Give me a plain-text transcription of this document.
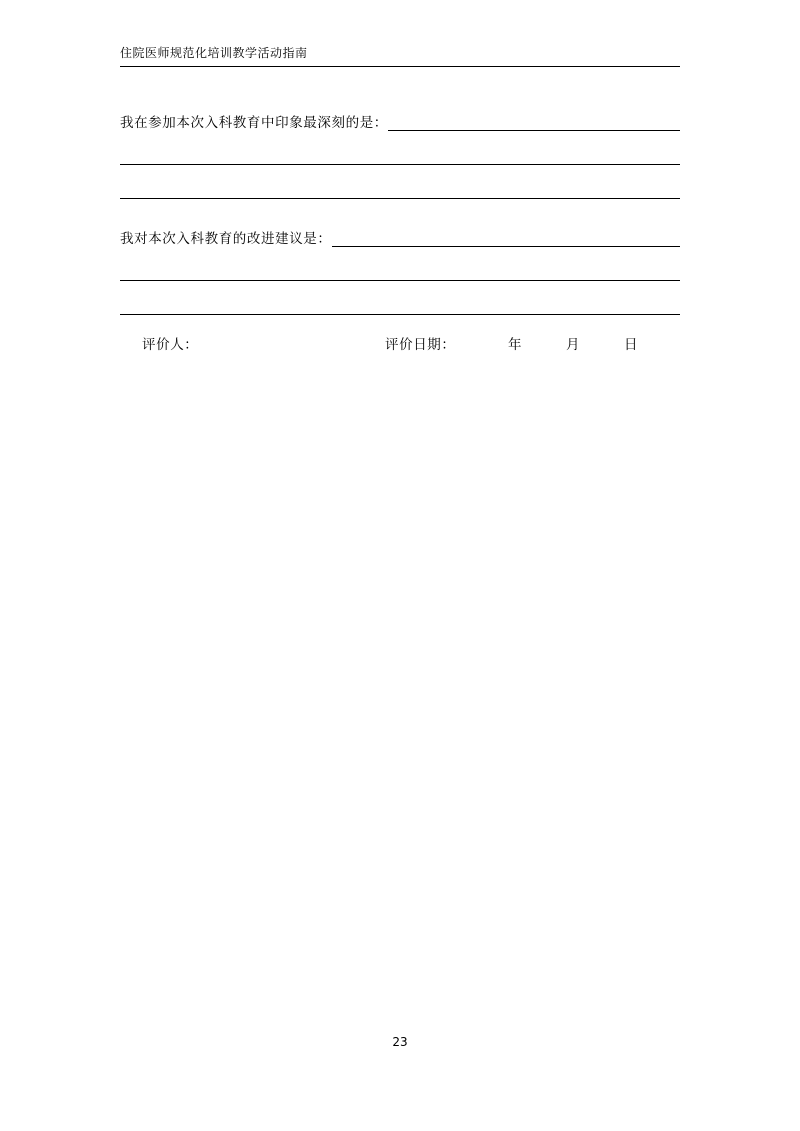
住院医师规范化培训教学活动指南
我在参加本次入科教育中印象最深刻的是：
我对本次入科教育的改进建议是：
评价人：	评价日期：	年	月	日
23
